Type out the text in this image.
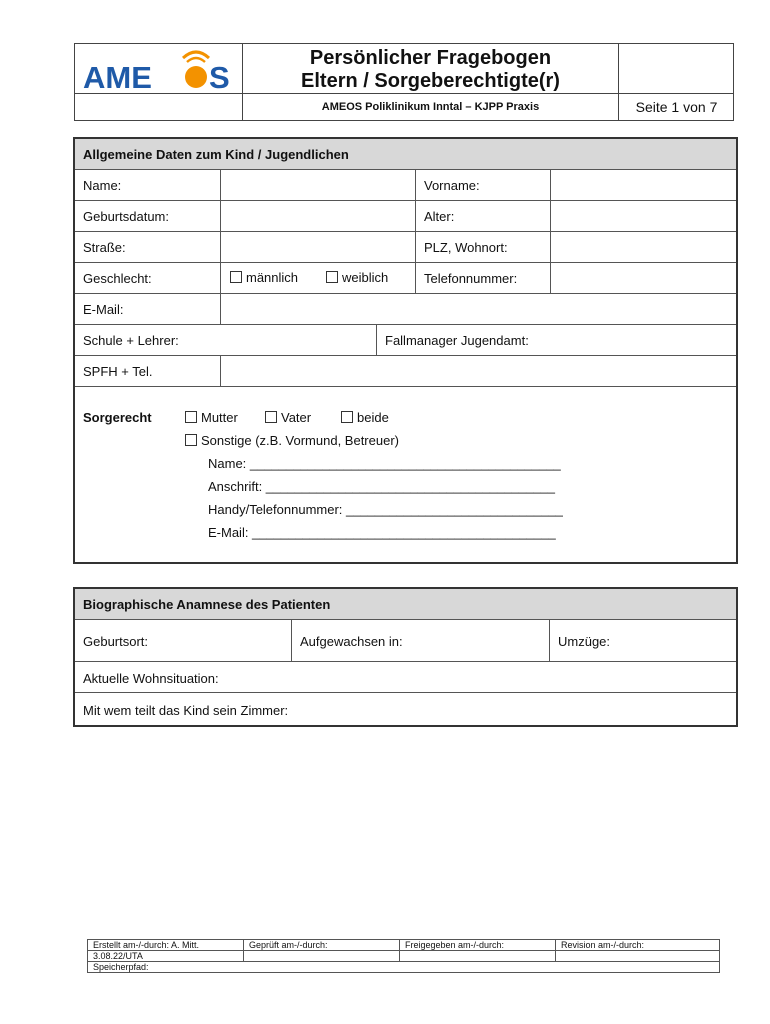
AME S
Persönlicher Fragebogen
Eltern / Sorgeberechtigte(r)
AMEOS Poliklinikum Inntal – KJPP Praxis	Seite 1 von 7
Allgemeine Daten zum Kind / Jugendlichen
Name:	Vorname:
Geburtsdatum:	Alter:
Straße:	PLZ, Wohnort:
Geschlecht:	männlich	weiblich	Telefonnummer:
E-Mail:
Schule + Lehrer:	Fallmanager Jugendamt:
SPFH + Tel.
Sorgerecht	Mutter	Vater	beide
Sonstige (z.B. Vormund, Betreuer)
Name: ___________________________________________
Anschrift: ________________________________________
Handy/Telefonnummer: ______________________________
E-Mail: __________________________________________
Biographische Anamnese des Patienten
Geburtsort:	Aufgewachsen in:	Umzüge:
Aktuelle Wohnsituation:
Mit wem teilt das Kind sein Zimmer:
Erstellt am-/-durch: A. Mitt.	Geprüft am-/-durch:	Freigegeben am-/-durch:	Revision am-/-durch:
3.08.22/UTA			
Speicherpfad:			
